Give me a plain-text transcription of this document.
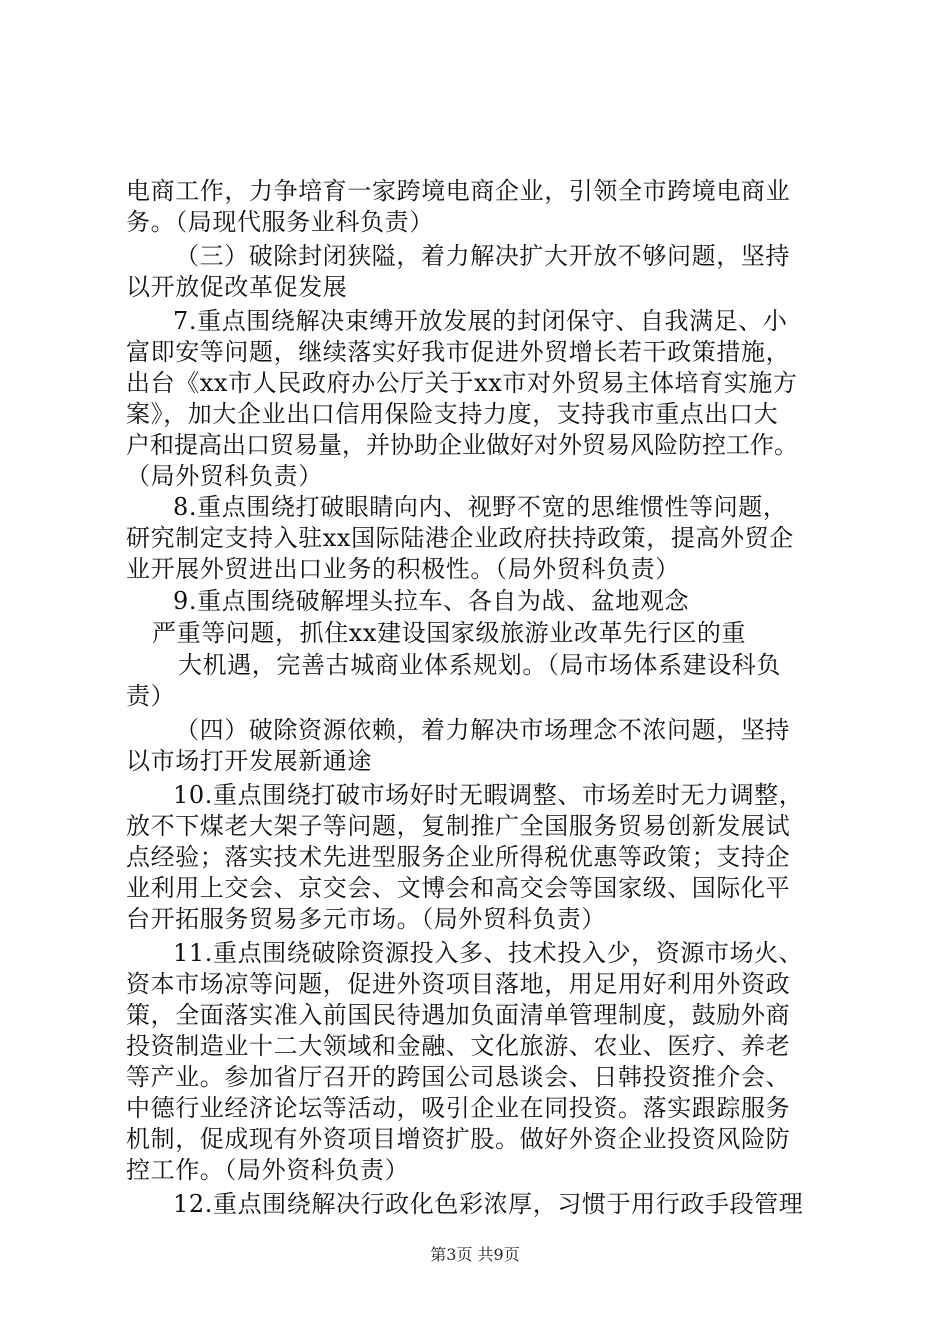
电商工作，力争培育一家跨境电商企业，引领全市跨境电商业
务。（局现代服务业科负责）
（三）破除封闭狭隘，着力解决扩大开放不够问题，坚持
以开放促改革促发展
7.重点围绕解决束缚开放发展的封闭保守、自我满足、小
富即安等问题，继续落实好我市促进外贸增长若干政策措施，
出台《xx市人民政府办公厅关于xx市对外贸易主体培育实施方
案》，加大企业出口信用保险支持力度，支持我市重点出口大
户和提高出口贸易量，并协助企业做好对外贸易风险防控工作。
（局外贸科负责）
8.重点围绕打破眼睛向内、视野不宽的思维惯性等问题，
研究制定支持入驻xx国际陆港企业政府扶持政策，提高外贸企
业开展外贸进出口业务的积极性。（局外贸科负责）
9.重点围绕破解埋头拉车、各自为战、盆地观念
严重等问题，抓住xx建设国家级旅游业改革先行区的重
大机遇，完善古城商业体系规划。（局市场体系建设科负
责）
（四）破除资源依赖，着力解决市场理念不浓问题，坚持
以市场打开发展新通途
10.重点围绕打破市场好时无暇调整、市场差时无力调整，
放不下煤老大架子等问题，复制推广全国服务贸易创新发展试
点经验；落实技术先进型服务企业所得税优惠等政策；支持企
业利用上交会、京交会、文博会和高交会等国家级、国际化平
台开拓服务贸易多元市场。（局外贸科负责）
11.重点围绕破除资源投入多、技术投入少，资源市场火、
资本市场凉等问题，促进外资项目落地，用足用好利用外资政
策，全面落实准入前国民待遇加负面清单管理制度，鼓励外商
投资制造业十二大领域和金融、文化旅游、农业、医疗、养老
等产业。参加省厅召开的跨国公司恳谈会、日韩投资推介会、
中德行业经济论坛等活动，吸引企业在同投资。落实跟踪服务
机制，促成现有外资项目增资扩股。做好外资企业投资风险防
控工作。（局外资科负责）
12.重点围绕解决行政化色彩浓厚，习惯于用行政手段管理
第3页 共9页
